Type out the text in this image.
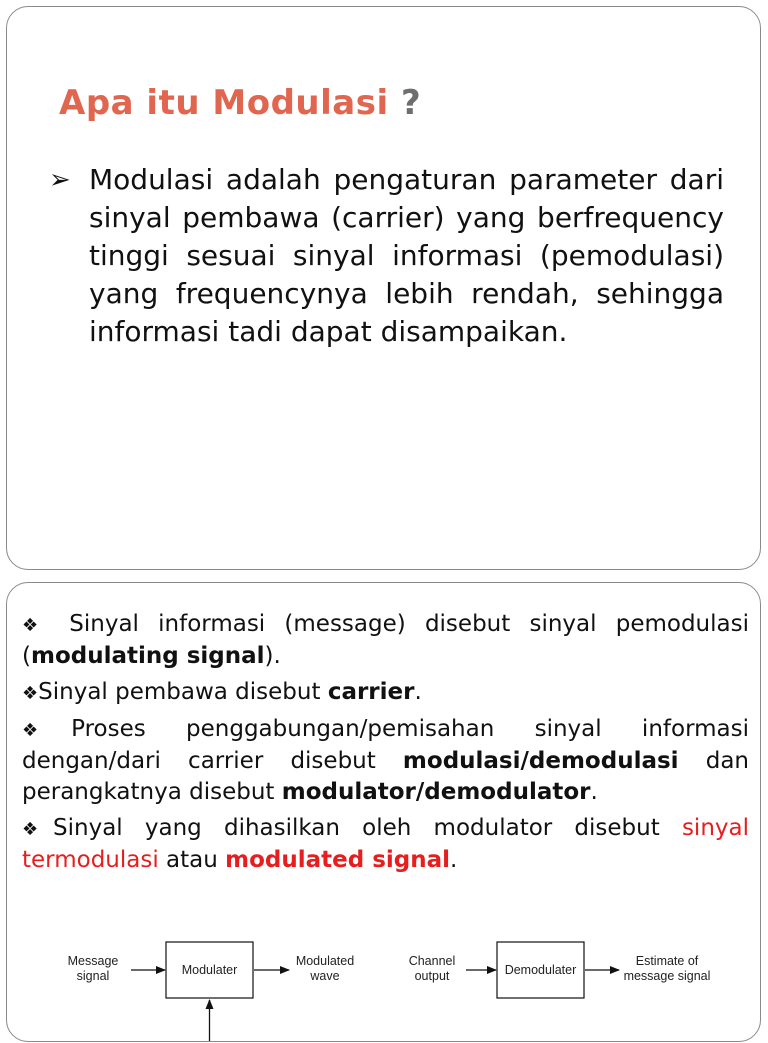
Apa itu Modulasi ?
➢ Modulasi adalah pengaturan parameter dari sinyal pembawa (carrier) yang berfrequency tinggi sesuai sinyal informasi (pemodulasi) yang frequencynya lebih rendah, sehingga informasi tadi dapat disampaikan.

❖ Sinyal informasi (message) disebut sinyal pemodulasi (modulating signal).

❖Sinyal pembawa disebut carrier.

❖Proses penggabungan/pemisahan sinyal informasi dengan/dari carrier disebut modulasi/demodulasi dan perangkatnya disebut modulator/demodulator.

❖Sinyal yang dihasilkan oleh modulator disebut sinyal termodulasi atau modulated signal.

Message
signal	Modulater
Modulated
wave
Channel
output	Demodulater
Estimate of
message signal
